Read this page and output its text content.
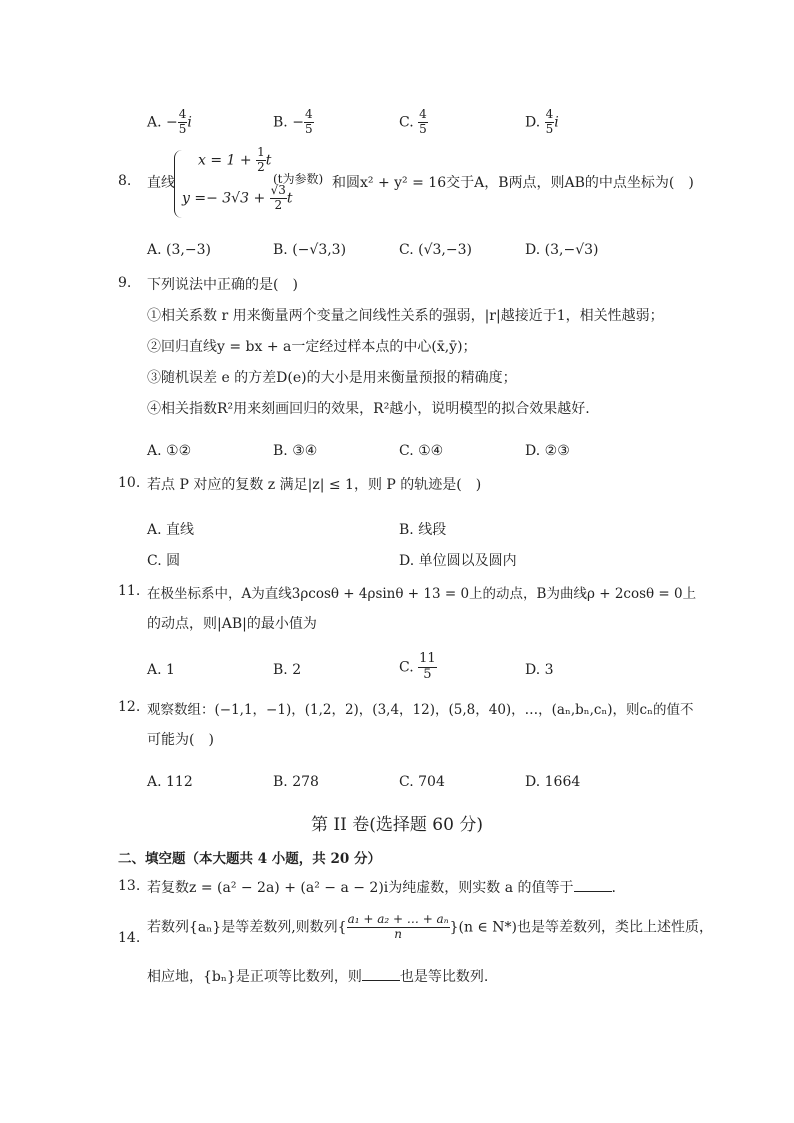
A. − $\frac{4}{5}$ i	B. − $\frac{4}{5}$	C. $\frac{4}{5}$	D. $\frac{4}{5}$ i
8. 直线
$x = 1 + \frac{1}{2}$ t
$y =- 3√3 + \frac{√3}{2}$ t
(t为参数) 和圆x² + y² = 16交于A，B两点，则AB的中点坐标为(　)
A. (3,−3)	B. (−√3,3)	C. (√3,−3)	D. (3,−√3)
9. 下列说法中正确的是(　)
①相关系数 r 用来衡量两个变量之间线性关系的强弱，|r|越接近于1，相关性越弱；
②回归直线y = bx + a一定经过样本点的中心(x̄,ȳ)；
③随机误差 e 的方差D(e)的大小是用来衡量预报的精确度；
④相关指数R²用来刻画回归的效果，R²越小，说明模型的拟合效果越好.
A. ①②	B. ③④	C. ①④	D. ②③
10. 若点 P 对应的复数 z 满足|z| ≤ 1，则 P 的轨迹是(　)
A. 直线	B. 线段
C. 圆	D. 单位圆以及圆内
11. 在极坐标系中，A为直线3ρcosθ + 4ρsinθ + 13 = 0上的动点，B为曲线ρ + 2cosθ = 0上
的动点，则|AB|的最小值为
A. 1	B. 2	C. $\frac{11}{5}$	D. 3
12. 观察数组：(−1,1，−1)，(1,2，2)，(3,4，12)，(5,8，40)，…，(aₙ,bₙ,cₙ)，则cₙ的值不
可能为(　)
A. 112	B. 278	C. 704	D. 1664
第 II 卷(选择题 60 分)
二、填空题（本大题共 4 小题，共 20 分）
13. 若复数z = (a² − 2a) + (a² − a − 2)i为纯虚数，则实数 a 的值等于	.
14.
若数列{aₙ}是等差数列,则数列{ $\frac{\text{a₁ + a₂ + … + aₙ}}{n} \}(n$ ∈ N*)也是等差数列，类比上述性质，
相应地，{bₙ}是正项等比数列，则	也是等比数列.
